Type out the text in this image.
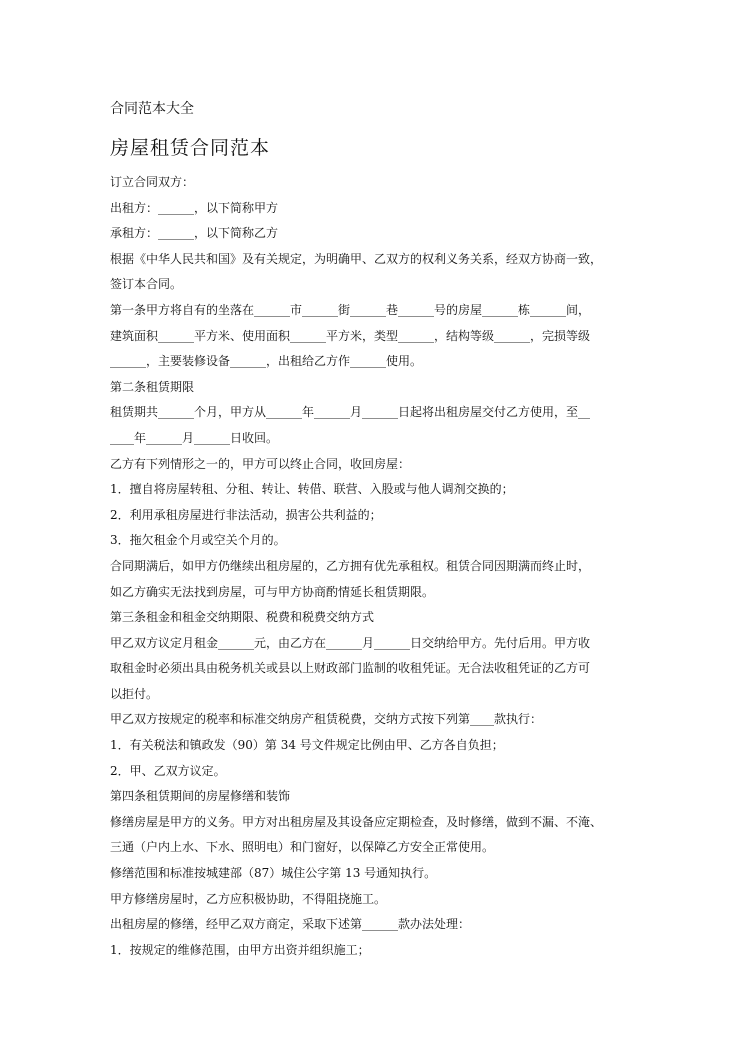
合同范本大全
房屋租赁合同范本

订立合同双方：

出租方：______，以下简称甲方

承租方：______，以下简称乙方

根据《中华人民共和国》及有关规定，为明确甲、乙双方的权利义务关系，经双方协商一致，

签订本合同。

第一条甲方将自有的坐落在______市______街______巷______号的房屋______栋______间，

建筑面积______平方米、使用面积______平方米，类型______，结构等级______，完损等级

______，主要装修设备______，出租给乙方作______使用。

第二条租赁期限

租赁期共______个月，甲方从______年______月______日起将出租房屋交付乙方使用，至__

____年______月______日收回。

乙方有下列情形之一的，甲方可以终止合同，收回房屋：

1．擅自将房屋转租、分租、转让、转借、联营、入股或与他人调剂交换的；

2．利用承租房屋进行非法活动，损害公共利益的；

3．拖欠租金个月或空关个月的。

合同期满后，如甲方仍继续出租房屋的，乙方拥有优先承租权。租赁合同因期满而终止时，

如乙方确实无法找到房屋，可与甲方协商酌情延长租赁期限。

第三条租金和租金交纳期限、税费和税费交纳方式

甲乙双方议定月租金______元，由乙方在______月______日交纳给甲方。先付后用。甲方收

取租金时必须出具由税务机关或县以上财政部门监制的收租凭证。无合法收租凭证的乙方可

以拒付。

甲乙双方按规定的税率和标准交纳房产租赁税费，交纳方式按下列第____款执行：

1．有关税法和镇政发（90）第 34 号文件规定比例由甲、乙方各自负担；

2．甲、乙双方议定。

第四条租赁期间的房屋修缮和装饰

修缮房屋是甲方的义务。甲方对出租房屋及其设备应定期检查，及时修缮，做到不漏、不淹、

三通（户内上水、下水、照明电）和门窗好，以保障乙方安全正常使用。

修缮范围和标准按城建部（87）城住公字第 13 号通知执行。

甲方修缮房屋时，乙方应积极协助，不得阻挠施工。

出租房屋的修缮，经甲乙双方商定，采取下述第______款办法处理：

1．按规定的维修范围，由甲方出资并组织施工；
